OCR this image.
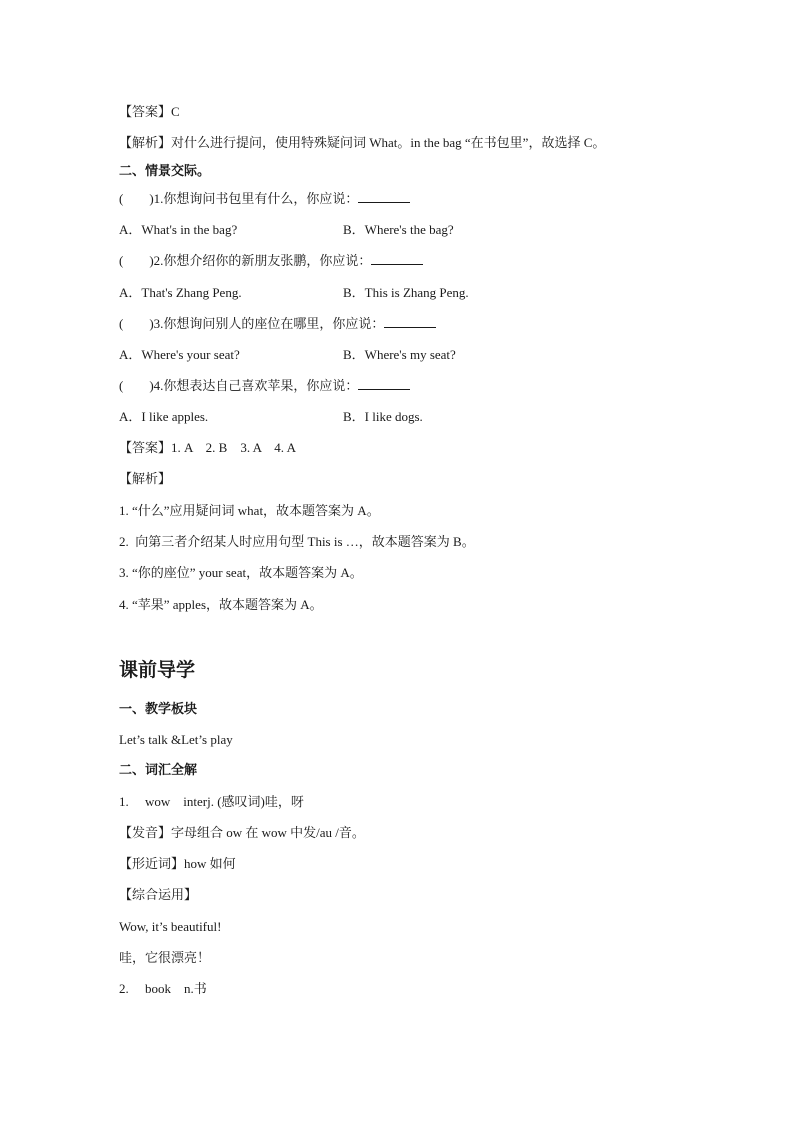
【答案】C
【解析】对什么进行提问，使用特殊疑问词 What。in the bag “在书包里”，故选择 C。
二、情景交际。
(        )1.你想询问书包里有什么，你应说：
A．What's in the bag?	B．Where's the bag?
(        )2.你想介绍你的新朋友张鹏，你应说：
A．That's Zhang Peng.	B．This is Zhang Peng.
(        )3.你想询问别人的座位在哪里，你应说：
A．Where's your seat?	B．Where's my seat?
(        )4.你想表达自己喜欢苹果，你应说：
A．I like apples.	B．I like dogs.
【答案】1. A    2. B    3. A    4. A
【解析】
1. “什么”应用疑问词 what，故本题答案为 A。
2.  向第三者介绍某人时应用句型 This is …，故本题答案为 B。
3. “你的座位” your seat，故本题答案为 A。
4. “苹果” apples，故本题答案为 A。
课前导学
一、教学板块
Let’s talk &Let’s play
二、词汇全解
1.     wow    interj. (感叹词)哇，呀
【发音】字母组合 ow 在 wow 中发/au /音。
【形近词】how 如何
【综合运用】
Wow, it’s beautiful!
哇，它很漂亮！
2.     book    n.书
